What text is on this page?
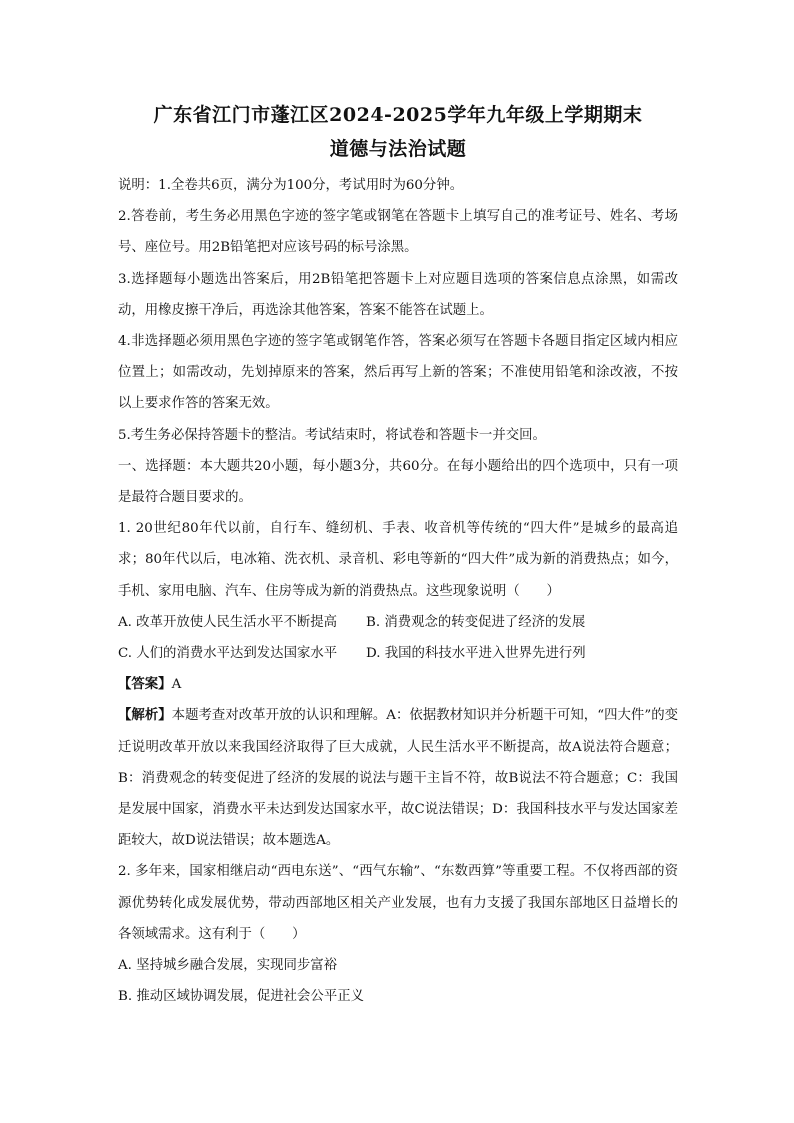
广东省江门市蓬江区2024-2025学年九年级上学期期末
道德与法治试题

说明：1.全卷共6页，满分为100分，考试用时为60分钟。

2.答卷前，考生务必用黑色字迹的签字笔或钢笔在答题卡上填写自己的准考证号、姓名、考场号、座位号。用2B铅笔把对应该号码的标号涂黑。

3.选择题每小题选出答案后，用2B铅笔把答题卡上对应题目选项的答案信息点涂黑，如需改动，用橡皮擦干净后，再选涂其他答案，答案不能答在试题上。

4.非选择题必须用黑色字迹的签字笔或钢笔作答，答案必须写在答题卡各题目指定区域内相应位置上；如需改动，先划掉原来的答案，然后再写上新的答案；不准使用铅笔和涂改液，不按以上要求作答的答案无效。

5.考生务必保持答题卡的整洁。考试结束时，将试卷和答题卡一并交回。

一、选择题：本大题共20小题，每小题3分，共60分。在每小题给出的四个选项中，只有一项是最符合题目要求的。

1. 20世纪80年代以前，自行车、缝纫机、手表、收音机等传统的“四大件”是城乡的最高追求；80年代以后，电冰箱、洗衣机、录音机、彩电等新的“四大件”成为新的消费热点；如今，手机、家用电脑、汽车、住房等成为新的消费热点。这些现象说明（　　）

A. 改革开放使人民生活水平不断提高	B. 消费观念的转变促进了经济的发展
C. 人们的消费水平达到发达国家水平	D. 我国的科技水平进入世界先进行列

【答案】A

【解析】本题考查对改革开放的认识和理解。A：依据教材知识并分析题干可知，“四大件”的变迁说明改革开放以来我国经济取得了巨大成就，人民生活水平不断提高，故A说法符合题意；B：消费观念的转变促进了经济的发展的说法与题干主旨不符，故B说法不符合题意；C：我国是发展中国家，消费水平未达到发达国家水平，故C说法错误；D：我国科技水平与发达国家差距较大，故D说法错误；故本题选A。

2. 多年来，国家相继启动“西电东送”、“西气东输”、“东数西算”等重要工程。不仅将西部的资源优势转化成发展优势，带动西部地区相关产业发展，也有力支援了我国东部地区日益增长的各领域需求。这有利于（　　）

A. 坚持城乡融合发展，实现同步富裕

B. 推动区域协调发展，促进社会公平正义
